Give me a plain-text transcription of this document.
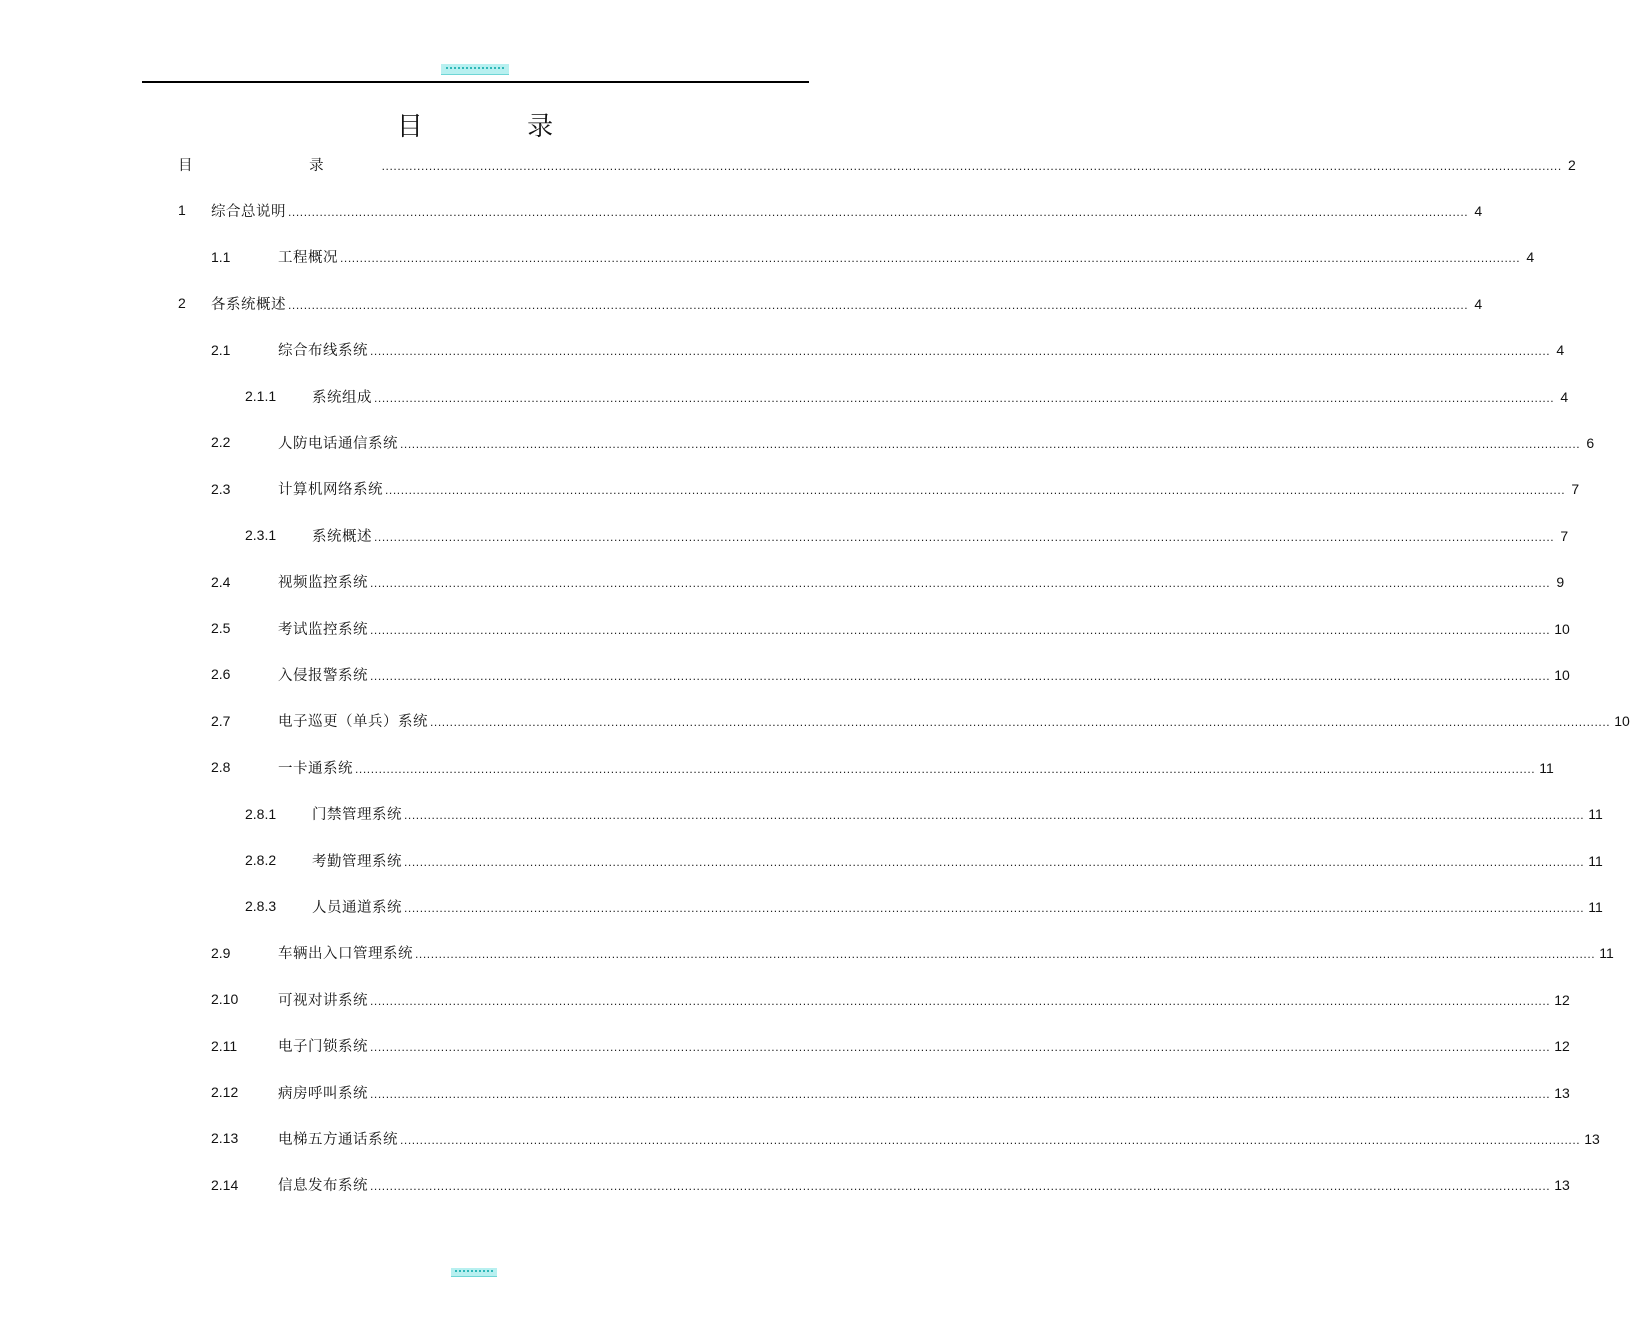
目 录
目 录 ............................................................................................................................................................................................................................................................................................................ 2
1 综合总说明 ............................................................................................................................................................................................................................................................................................................ 4
1.1	工程概况 ............................................................................................................................................................................................................................................................................................................ 4
2 各系统概述 ............................................................................................................................................................................................................................................................................................................ 4
2.1	综合布线系统 ............................................................................................................................................................................................................................................................................................................ 4
2.1.1 系统组成 ............................................................................................................................................................................................................................................................................................................ 4
2.2	人防电话通信系统 ............................................................................................................................................................................................................................................................................................................ 6
2.3	计算机网络系统 ............................................................................................................................................................................................................................................................................................................ 7
2.3.1 系统概述 ............................................................................................................................................................................................................................................................................................................ 7
2.4	视频监控系统 ............................................................................................................................................................................................................................................................................................................ 9
2.5	考试监控系统 ............................................................................................................................................................................................................................................................................................................ 10
2.6	入侵报警系统 ............................................................................................................................................................................................................................................................................................................ 10
2.7	电子巡更（单兵）系统 ............................................................................................................................................................................................................................................................................................................ 10
2.8	一卡通系统 ............................................................................................................................................................................................................................................................................................................ 11
2.8.1 门禁管理系统 ............................................................................................................................................................................................................................................................................................................ 11
2.8.2 考勤管理系统 ............................................................................................................................................................................................................................................................................................................ 11
2.8.3 人员通道系统 ............................................................................................................................................................................................................................................................................................................ 11
2.9	车辆出入口管理系统 ............................................................................................................................................................................................................................................................................................................ 11
2.10	可视对讲系统 ............................................................................................................................................................................................................................................................................................................ 12
2.11	电子门锁系统 ............................................................................................................................................................................................................................................................................................................ 12
2.12	病房呼叫系统 ............................................................................................................................................................................................................................................................................................................ 13
2.13	电梯五方通话系统 ............................................................................................................................................................................................................................................................................................................ 13
2.14	信息发布系统 ............................................................................................................................................................................................................................................................................................................ 13
